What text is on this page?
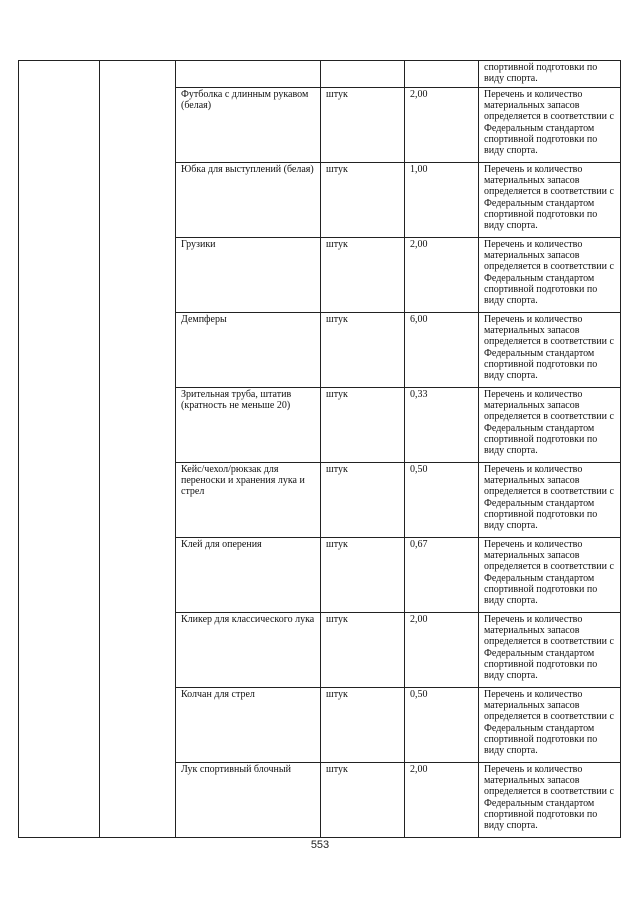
					спортивной подготовки по виду спорта.
		Футболка с длинным рукавом (белая)	штук	2,00	Перечень и количество материальных запасов определяется в соответствии с Федеральным стандартом спортивной подготовки по виду спорта.
		Юбка для выступлений (белая)	штук	1,00	Перечень и количество материальных запасов определяется в соответствии с Федеральным стандартом спортивной подготовки по виду спорта.
		Грузики	штук	2,00	Перечень и количество материальных запасов определяется в соответствии с Федеральным стандартом спортивной подготовки по виду спорта.
		Демпферы	штук	6,00	Перечень и количество материальных запасов определяется в соответствии с Федеральным стандартом спортивной подготовки по виду спорта.
		Зрительная труба, штатив (кратность не меньше 20)	штук	0,33	Перечень и количество материальных запасов определяется в соответствии с Федеральным стандартом спортивной подготовки по виду спорта.
		Кейс/чехол/рюкзак для переноски и хранения лука и стрел	штук	0,50	Перечень и количество материальных запасов определяется в соответствии с Федеральным стандартом спортивной подготовки по виду спорта.
		Клей для оперения	штук	0,67	Перечень и количество материальных запасов определяется в соответствии с Федеральным стандартом спортивной подготовки по виду спорта.
		Кликер для классического лука	штук	2,00	Перечень и количество материальных запасов определяется в соответствии с Федеральным стандартом спортивной подготовки по виду спорта.
		Колчан для стрел	штук	0,50	Перечень и количество материальных запасов определяется в соответствии с Федеральным стандартом спортивной подготовки по виду спорта.
		Лук спортивный блочный	штук	2,00	Перечень и количество материальных запасов определяется в соответствии с Федеральным стандартом спортивной подготовки по виду спорта.
553
